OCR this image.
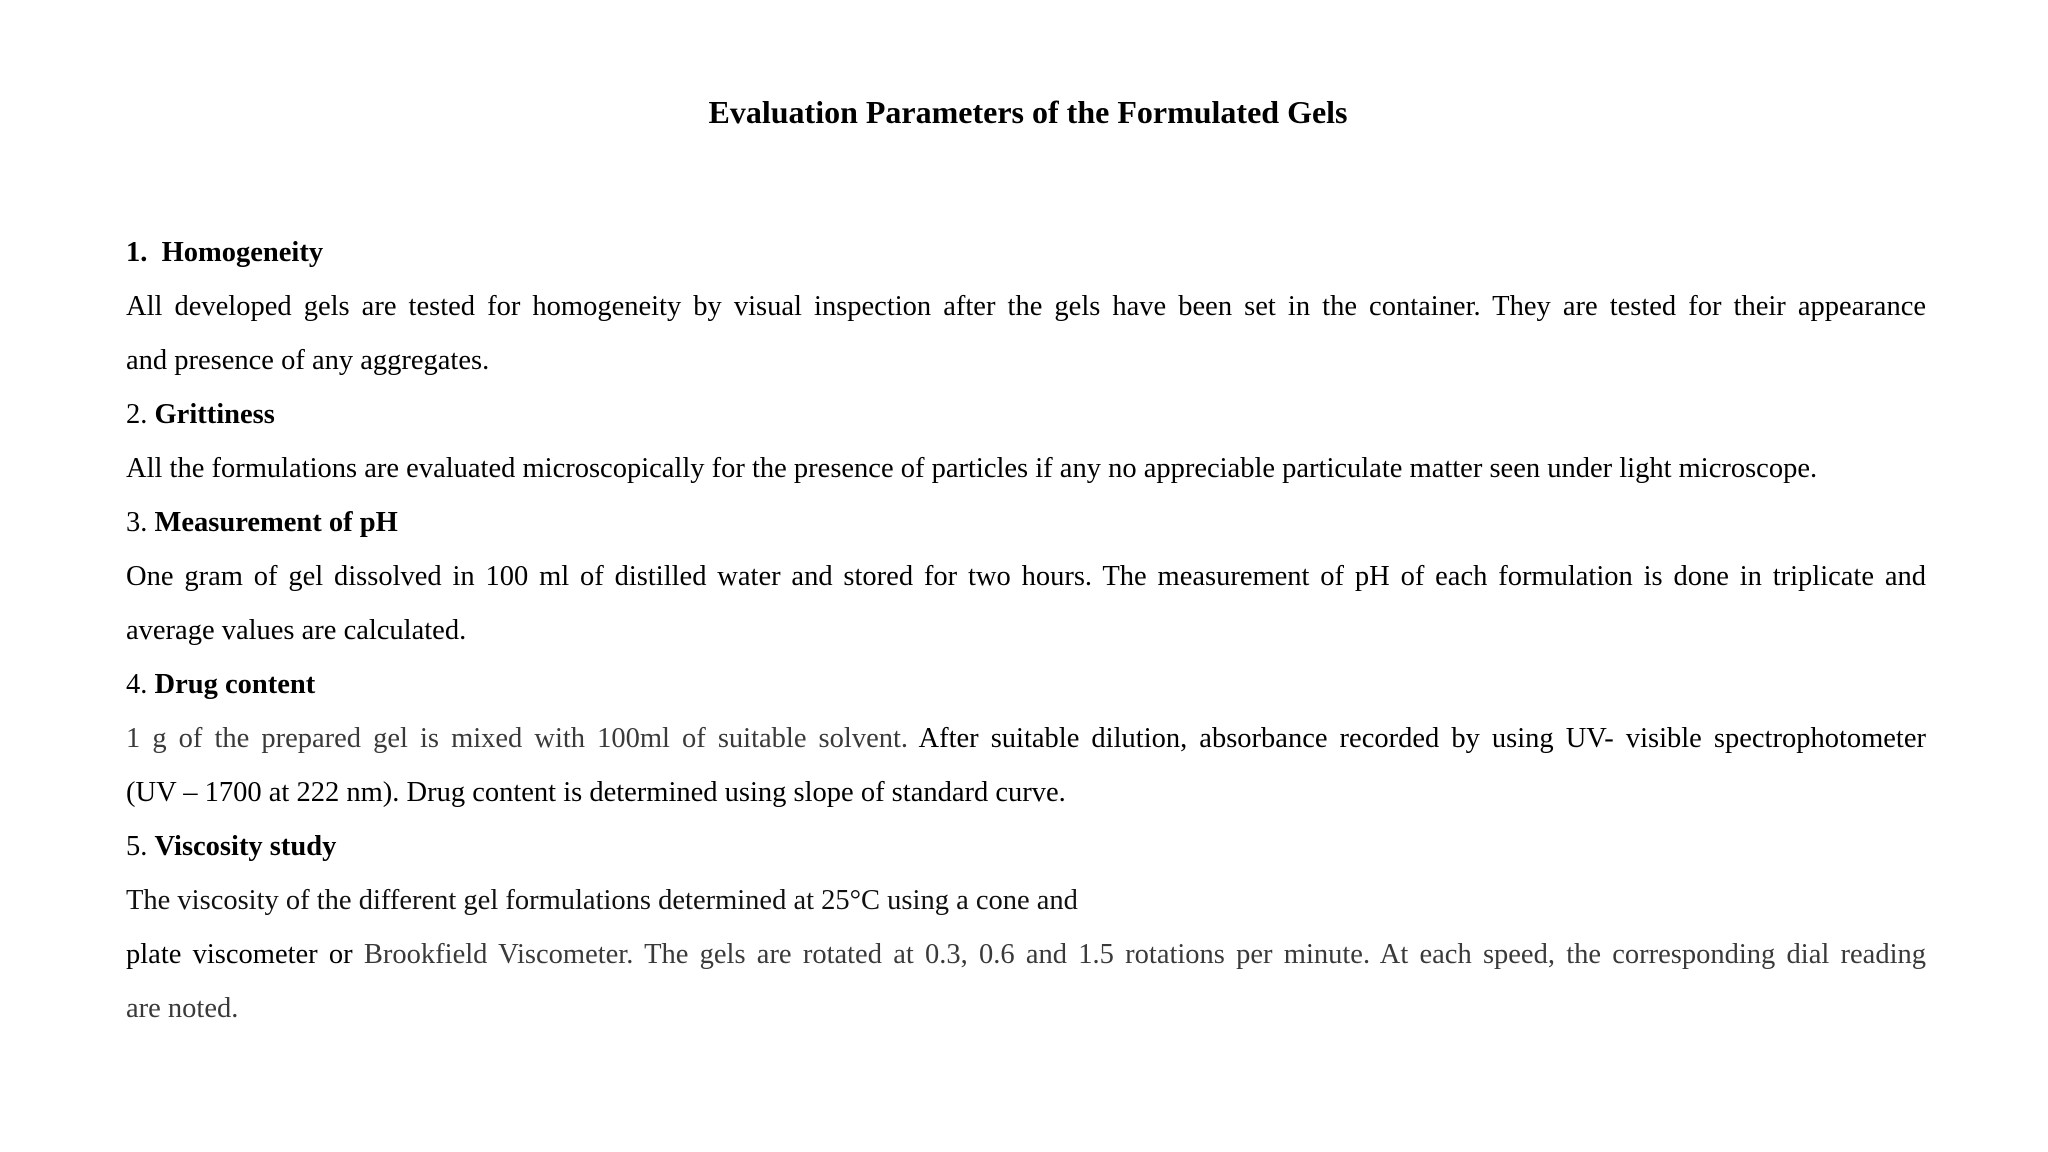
Evaluation Parameters of the Formulated Gels
1.  Homogeneity
All developed gels are tested for homogeneity by visual inspection after the gels have been set in the container. They are tested for their appearance
and presence of any aggregates.
2. Grittiness
All the formulations are evaluated microscopically for the presence of particles if any no appreciable particulate matter seen under light microscope.
3. Measurement of pH
One gram of gel dissolved in 100 ml of distilled water and stored for two hours. The measurement of pH of each formulation is done in triplicate and
average values are calculated.
4. Drug content
1 g of the prepared gel is mixed with 100ml of suitable solvent. After suitable dilution, absorbance recorded by using UV- visible spectrophotometer
(UV – 1700 at 222 nm). Drug content is determined using slope of standard curve.
5. Viscosity study
The viscosity of the different gel formulations determined at 25°C using a cone and
plate viscometer or Brookfield Viscometer. The gels are rotated at 0.3, 0.6 and 1.5 rotations per minute. At each speed, the corresponding dial reading
are noted.
